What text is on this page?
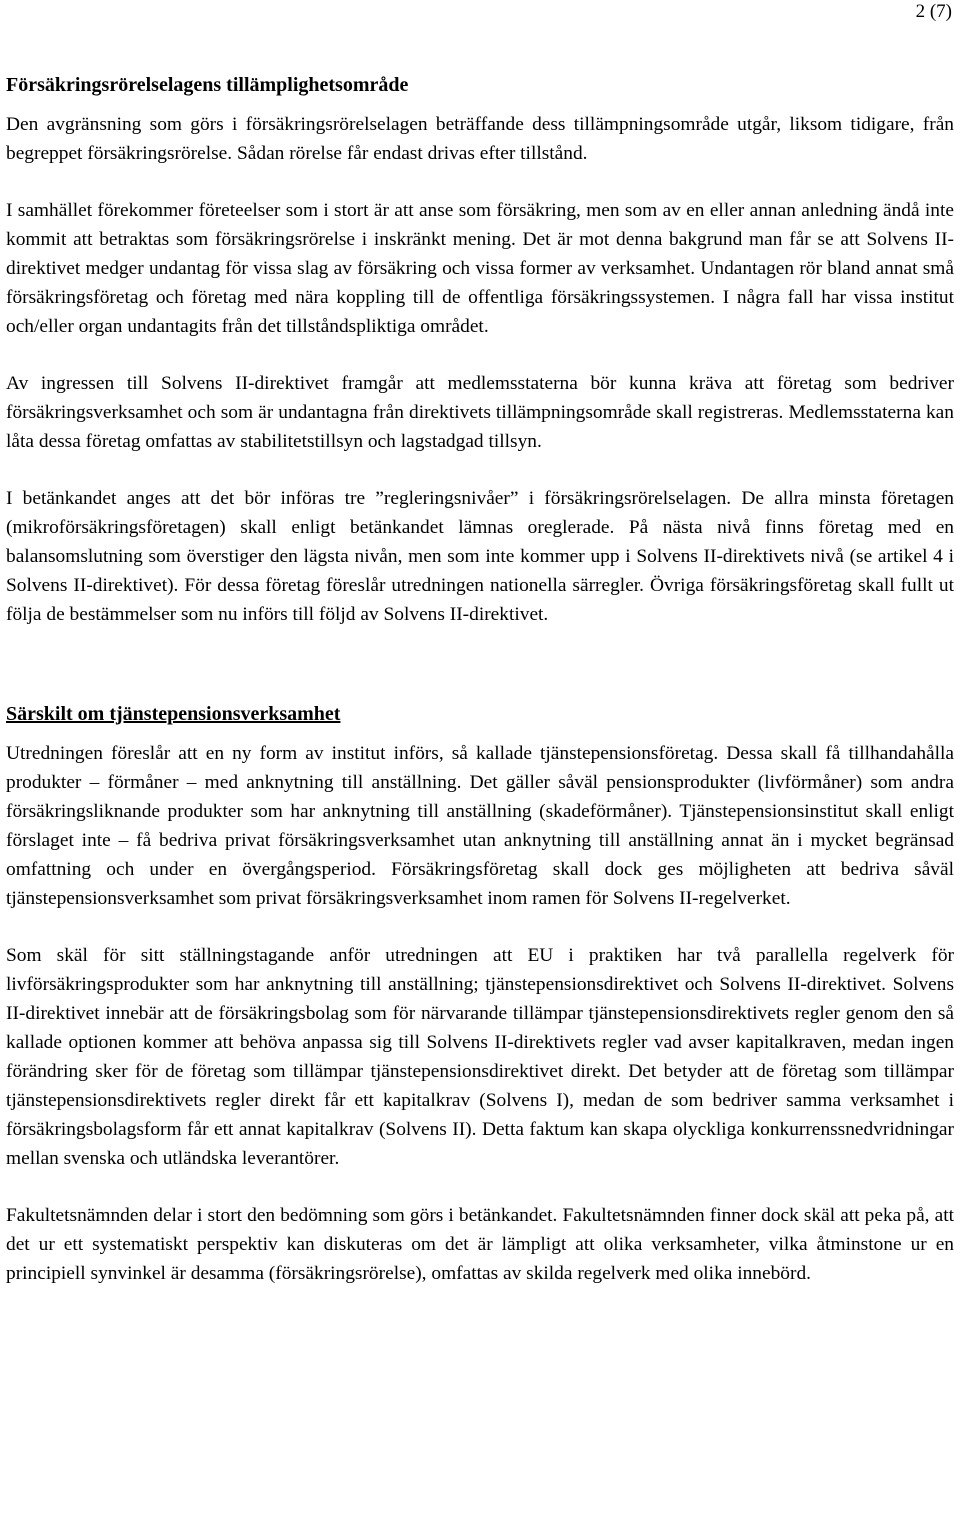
2 (7)
Försäkringsrörelselagens tillämplighetsområde

Den avgränsning som görs i försäkringsrörelselagen beträffande dess tillämpningsområde utgår, liksom tidigare, från begreppet försäkringsrörelse. Sådan rörelse får endast drivas efter tillstånd.

I samhället förekommer företeelser som i stort är att anse som försäkring, men som av en eller annan anledning ändå inte kommit att betraktas som försäkringsrörelse i inskränkt mening. Det är mot denna bakgrund man får se att Solvens II-direktivet medger undantag för vissa slag av försäkring och vissa former av verksamhet. Undantagen rör bland annat små försäkringsföretag och företag med nära koppling till de offentliga försäkringssystemen. I några fall har vissa institut och/eller organ undantagits från det tillståndspliktiga området.

Av ingressen till Solvens II-direktivet framgår att medlemsstaterna bör kunna kräva att företag som bedriver försäkringsverksamhet och som är undantagna från direktivets tillämpningsområde skall registreras. Medlemsstaterna kan låta dessa företag omfattas av stabilitetstillsyn och lagstadgad tillsyn.

I betänkandet anges att det bör införas tre ”regleringsnivåer” i försäkringsrörelselagen. De allra minsta företagen (mikroförsäkringsföretagen) skall enligt betänkandet lämnas oreglerade. På nästa nivå finns företag med en balansomslutning som överstiger den lägsta nivån, men som inte kommer upp i Solvens II-direktivets nivå (se artikel 4 i Solvens II-direktivet). För dessa företag föreslår utredningen nationella särregler. Övriga försäkringsföretag skall fullt ut följa de bestämmelser som nu införs till följd av Solvens II-direktivet.

Särskilt om tjänstepensionsverksamhet

Utredningen föreslår att en ny form av institut införs, så kallade tjänstepensionsföretag. Dessa skall få tillhandahålla produkter – förmåner – med anknytning till anställning. Det gäller såväl pensionsprodukter (livförmåner) som andra försäkringsliknande produkter som har anknytning till anställning (skadeförmåner). Tjänstepensionsinstitut skall enligt förslaget inte – få bedriva privat försäkringsverksamhet utan anknytning till anställning annat än i mycket begränsad omfattning och under en övergångsperiod. Försäkringsföretag skall dock ges möjligheten att bedriva såväl tjänstepensionsverksamhet som privat försäkringsverksamhet inom ramen för Solvens II-regelverket.

Som skäl för sitt ställningstagande anför utredningen att EU i praktiken har två parallella regelverk för livförsäkringsprodukter som har anknytning till anställning; tjänstepensionsdirektivet och Solvens II-direktivet. Solvens II-direktivet innebär att de försäkringsbolag som för närvarande tillämpar tjänstepensionsdirektivets regler genom den så kallade optionen kommer att behöva anpassa sig till Solvens II-direktivets regler vad avser kapitalkraven, medan ingen förändring sker för de företag som tillämpar tjänstepensionsdirektivet direkt. Det betyder att de företag som tillämpar tjänstepensionsdirektivets regler direkt får ett kapitalkrav (Solvens I), medan de som bedriver samma verksamhet i försäkringsbolagsform får ett annat kapitalkrav (Solvens II). Detta faktum kan skapa olyckliga konkurrenssnedvridningar mellan svenska och utländska leverantörer.

Fakultetsnämnden delar i stort den bedömning som görs i betänkandet. Fakultetsnämnden finner dock skäl att peka på, att det ur ett systematiskt perspektiv kan diskuteras om det är lämpligt att olika verksamheter, vilka åtminstone ur en principiell synvinkel är desamma (försäkringsrörelse), omfattas av skilda regelverk med olika innebörd.
